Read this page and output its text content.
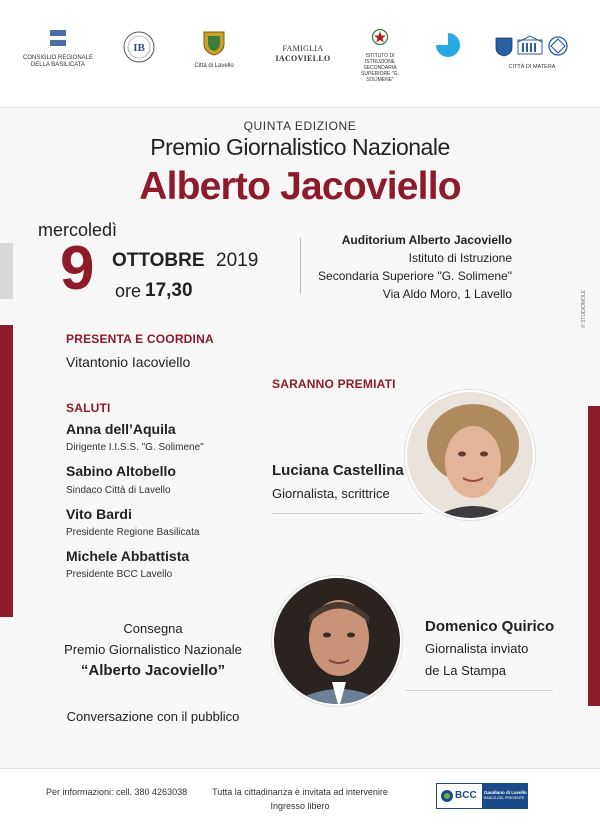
CONSIGLIO REGIONALE DELLA BASILICATA
IB
Città di Lavello
FAMIGLIA
IACOVIELLO	ISTITUTO DI ISTRUZIONE SECONDARIA SUPERIORE "G. SOLIMENE"
CITTÀ DI MATERA
© STUDIOMOLE
QUINTA EDIZIONE
Premio Giornalistico Nazionale
Alberto Jacoviello
mercoledì
9 OTTOBRE 2019
ore 17,30
Auditorium Alberto Jacoviello
Istituto di Istruzione
Secondaria Superiore "G. Solimene"
Via Aldo Moro, 1 Lavello
PRESENTA E COORDINA
Vitantonio Iacoviello
SALUTI
Anna dell’Aquila
Dirigente I.I.S.S. "G. Solimene"
Sabino Altobello
Sindaco Città di Lavello
Vito Bardi
Presidente Regione Basilicata
Michele Abbattista
Presidente BCC Lavello
Consegna
Premio Giornalistico Nazionale
“Alberto Jacoviello”
Conversazione con il pubblico
SARANNO PREMIATI
Luciana Castellina
Giornalista, scrittrice
Domenico Quirico
Giornalista inviato
de La Stampa
Per informazioni: cell. 380 4263038	Tutta la cittadinanza è invitata ad intervenire
Ingresso libero
BCC	Gaudiano di Lavello
BANCA DEL PRESENTE
